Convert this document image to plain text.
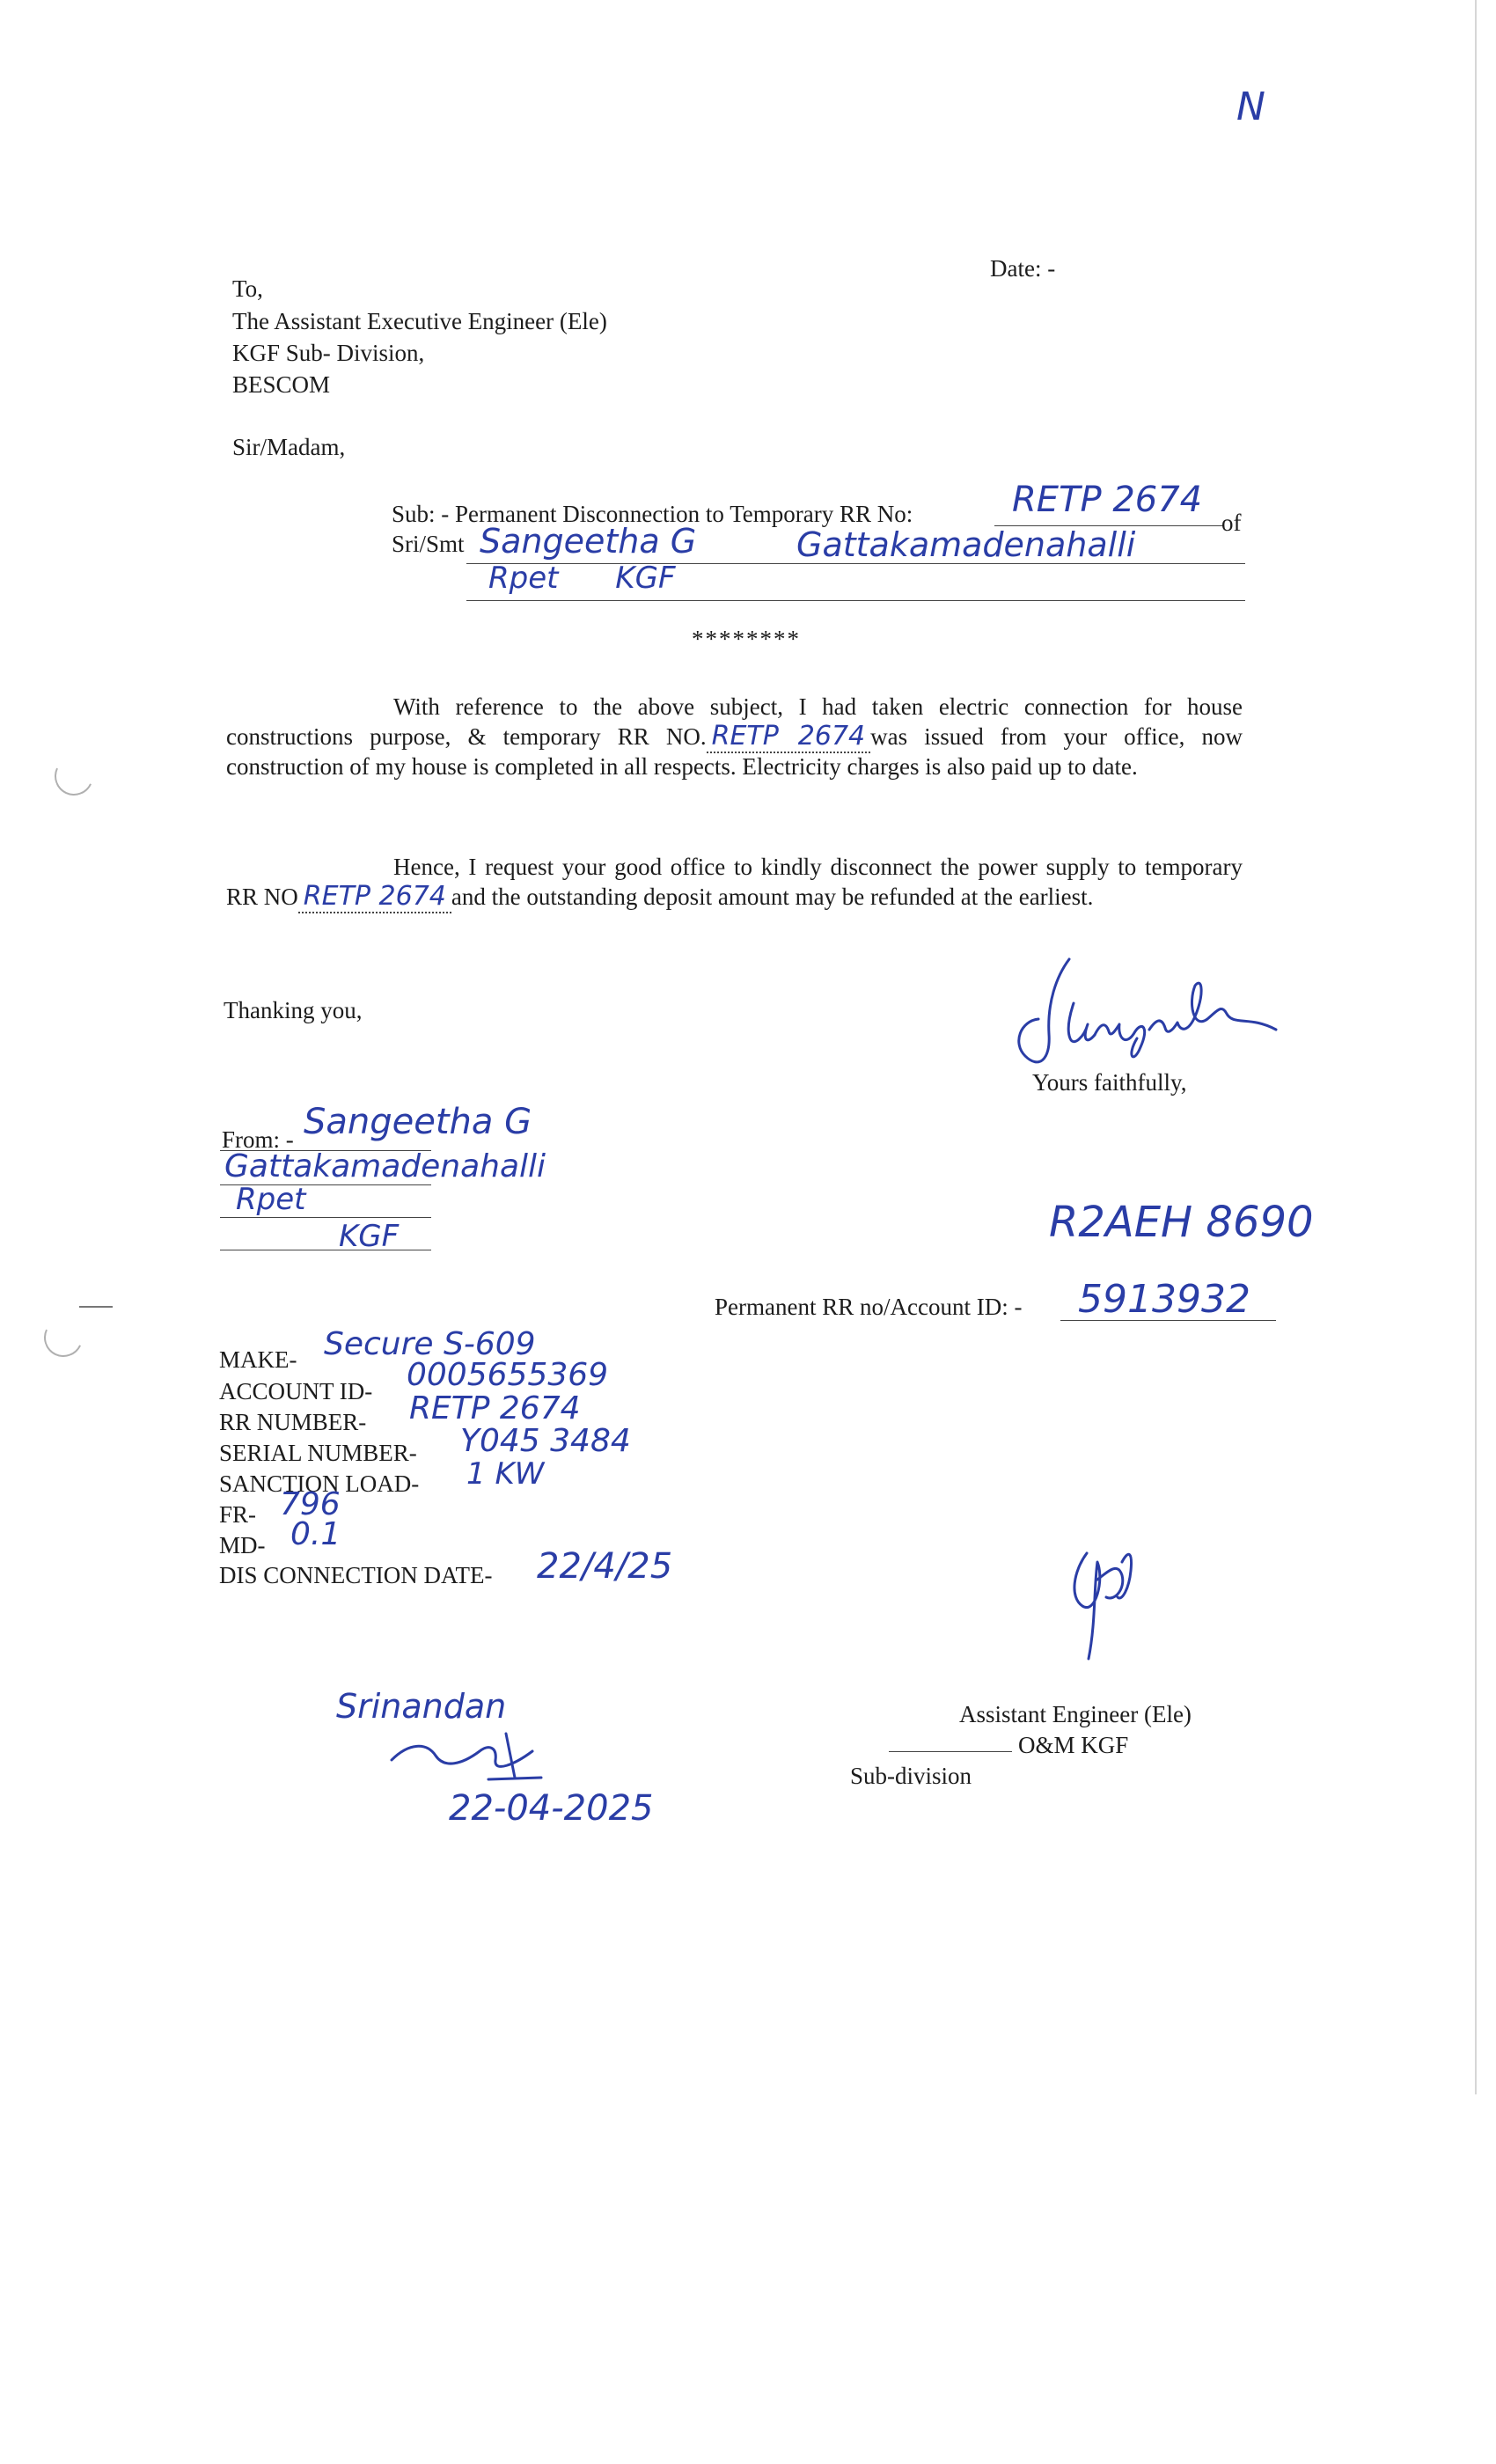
N
Date: -
To,
The Assistant Executive Engineer (Ele)
KGF Sub- Division,
BESCOM
Sir/Madam,
Sub: - Permanent Disconnection to Temporary RR No:	RETP 2674
of
Sri/Smt Sangeetha G	Gattakamadenahalli
Rpet      KGF
********
With reference to the above subject, I had taken electric connection for house constructions purpose, & temporary RR NO. RETP 2674 was issued from your office, now construction of my house is completed in all respects. Electricity charges is also paid up to date.
Hence, I request your good office to kindly disconnect the power supply to temporary RR NO RETP 2674 and the outstanding deposit amount may be refunded at the earliest.
Thanking you,
Yours faithfully,
From: - Sangeetha G
Gattakamadenahalli
Rpet
KGF	R2AEH 8690
Permanent RR no/Account ID: - 5913932
MAKE- Secure S-609
ACCOUNT ID- 0005655369
RR NUMBER- RETP 2674
SERIAL NUMBER- Y045 3484
SANCTION LOAD- 1 KW
FR- 796
MD- 0.1
DIS CONNECTION DATE- 22/4/25
Srinandan
22-04-2025
Assistant Engineer (Ele)
O&M KGF
Sub-division
